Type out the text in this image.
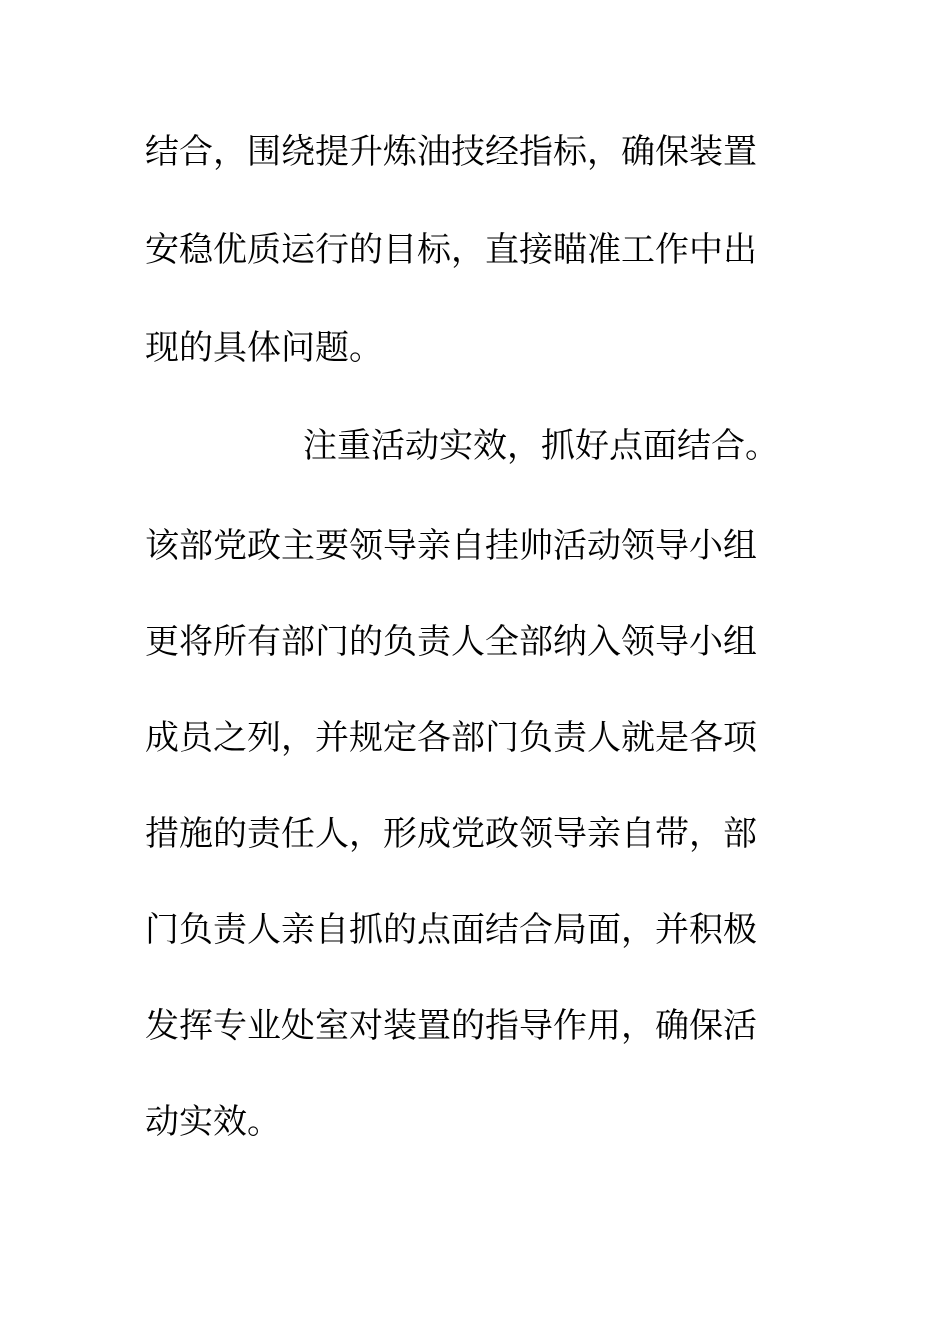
结合，围绕提升炼油技经指标，确保装置
安稳优质运行的目标，直接瞄准工作中出
现的具体问题。
注重活动实效，抓好点面结合。
该部党政主要领导亲自挂帅活动领导小组
更将所有部门的负责人全部纳入领导小组
成员之列，并规定各部门负责人就是各项
措施的责任人，形成党政领导亲自带，部
门负责人亲自抓的点面结合局面，并积极
发挥专业处室对装置的指导作用，确保活
动实效。
